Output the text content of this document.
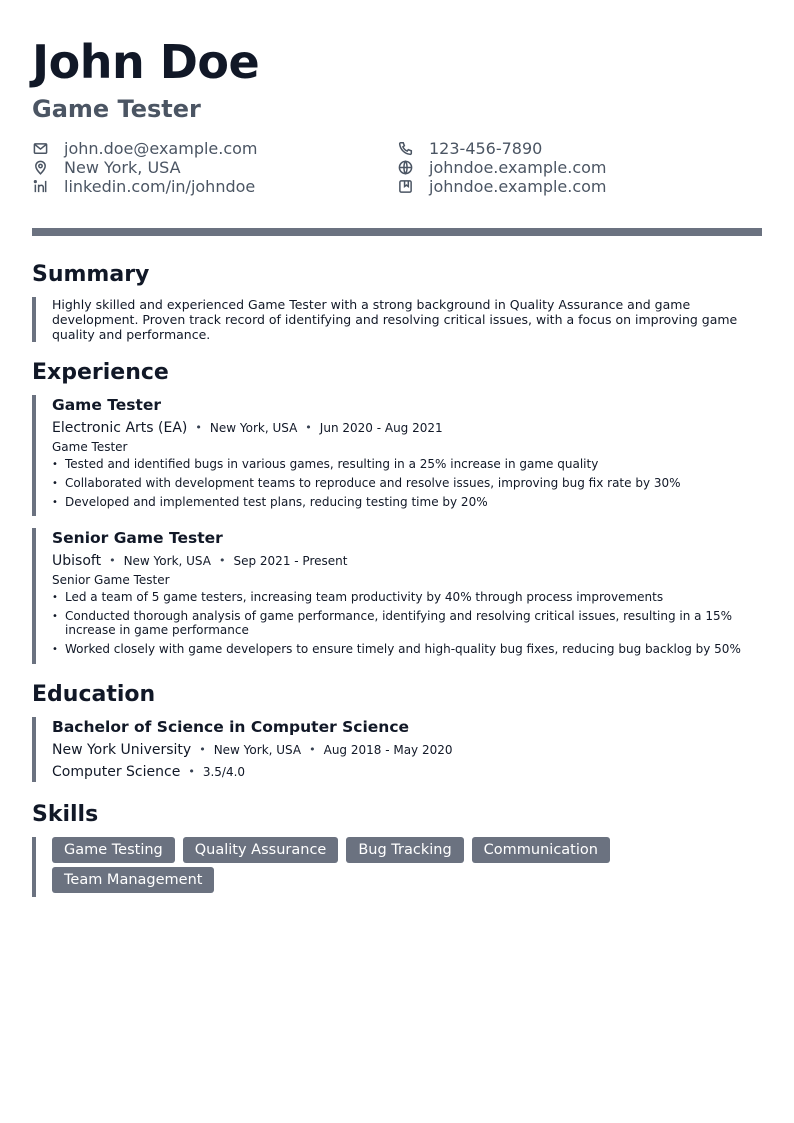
John Doe
Game Tester
john.doe@example.com	123-456-7890
New York, USA	johndoe.example.com
linkedin.com/in/johndoe	johndoe.example.com
Summary

Highly skilled and experienced Game Tester with a strong background in Quality Assurance and game development. Proven track record of identifying and resolving critical issues, with a focus on improving game quality and performance.

Experience
Game Tester
Electronic Arts (EA) • New York, USA • Jun 2020 - Aug 2021
Game Tester
• Tested and identified bugs in various games, resulting in a 25% increase in game quality
• Collaborated with development teams to reproduce and resolve issues, improving bug fix rate by 30%
• Developed and implemented test plans, reducing testing time by 20%
Senior Game Tester
Ubisoft • New York, USA • Sep 2021 - Present
Senior Game Tester
• Led a team of 5 game testers, increasing team productivity by 40% through process improvements
• Conducted thorough analysis of game performance, identifying and resolving critical issues, resulting in a 15% increase in game performance
• Worked closely with game developers to ensure timely and high-quality bug fixes, reducing bug backlog by 50%
Education
Bachelor of Science in Computer Science
New York University • New York, USA • Aug 2018 - May 2020
Computer Science • 3.5/4.0
Skills
Game Testing	Quality Assurance	Bug Tracking	Communication
Team Management
